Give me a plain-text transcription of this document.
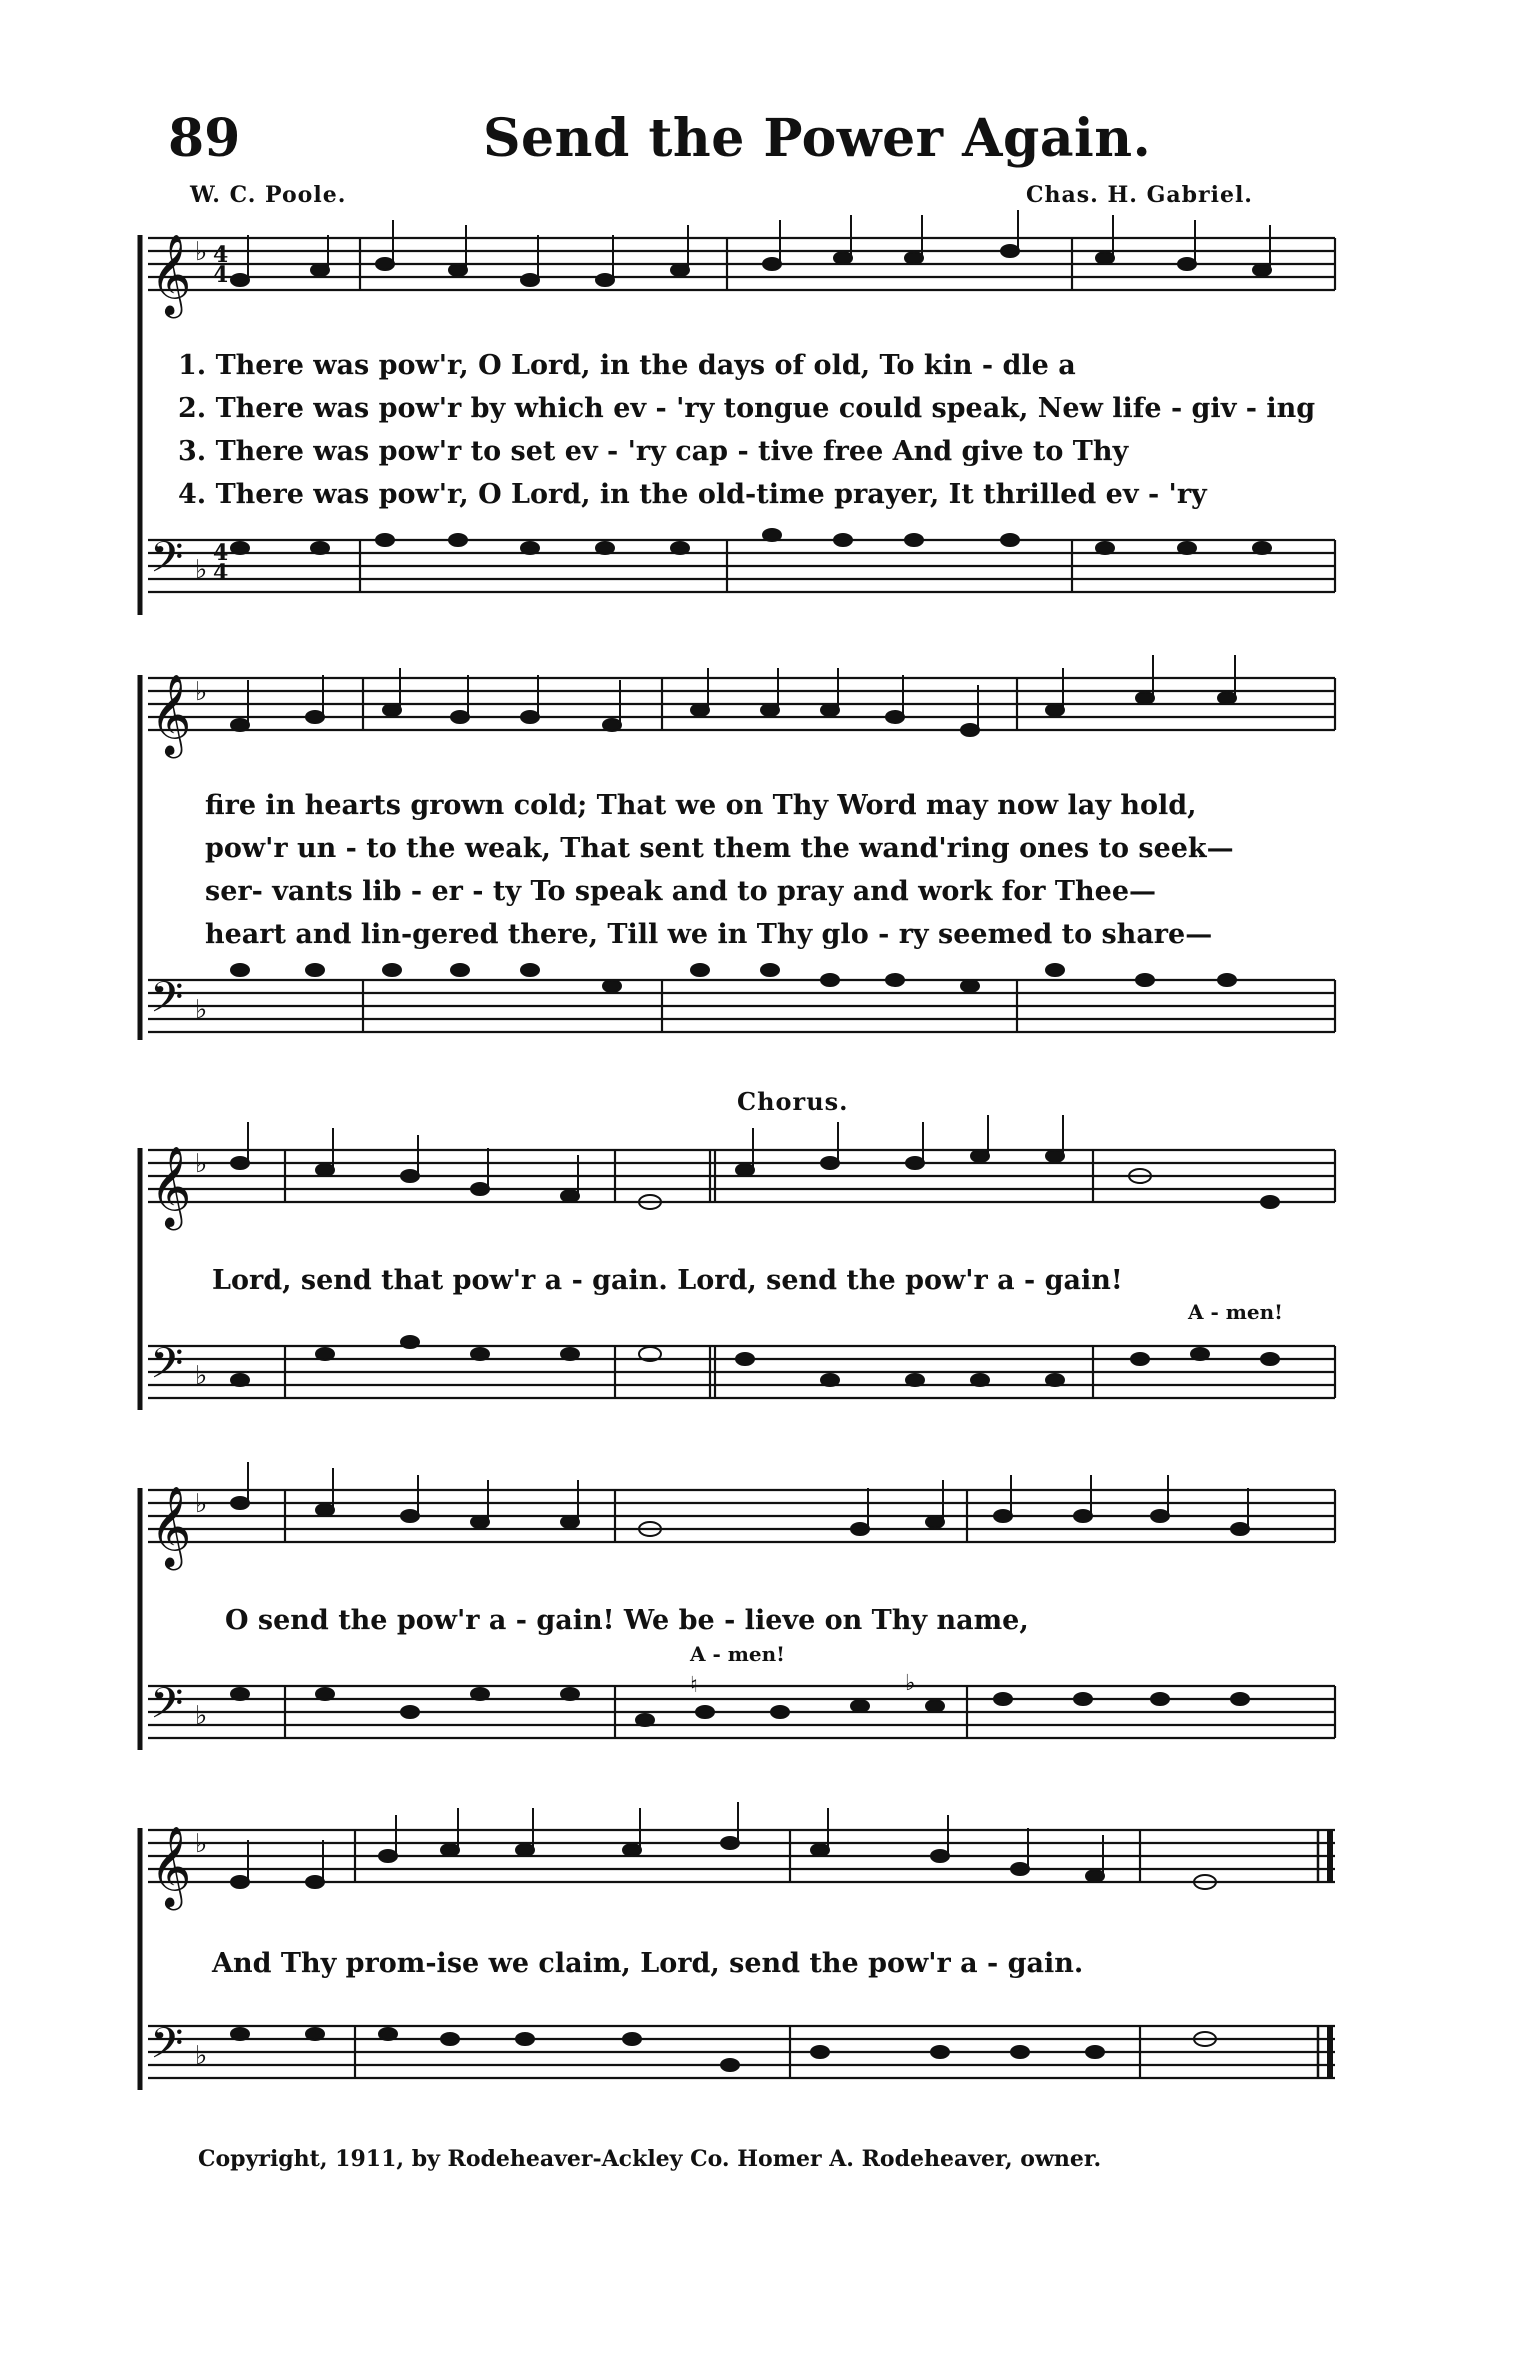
89	Send the Power Again.
W. C. Poole.	Chas. H. Gabriel.
𝄞 ♭ 4
4
𝄢 ♭
4
4
1. There was pow'r, O Lord, in the days of old, To kin - dle a
2. There was pow'r by which ev - 'ry tongue could speak, New life - giv - ing
3. There was pow'r to set ev - 'ry cap - tive free And give to Thy
4. There was pow'r, O Lord, in the old-time prayer, It thrilled ev - 'ry
𝄞 ♭
𝄢 ♭
fire in hearts grown cold; That we on Thy Word may now lay hold,
pow'r un - to the weak, That sent them the wand'ring ones to seek—
ser- vants lib - er - ty To speak and to pray and work for Thee—
heart and lin-gered there, Till we in Thy glo - ry seemed to share—
Chorus.
𝄞 ♭
𝄢 ♭
Lord, send that pow'r a - gain. Lord, send the pow'r a - gain!
A - men!
𝄞 ♭
𝄢 ♭
♮	♭
O send the pow'r a - gain! We be - lieve on Thy name,
A - men!
𝄞 ♭
𝄢 ♭
And Thy prom-ise we claim, Lord, send the pow'r a - gain.
Copyright, 1911, by Rodeheaver-Ackley Co. Homer A. Rodeheaver, owner.
